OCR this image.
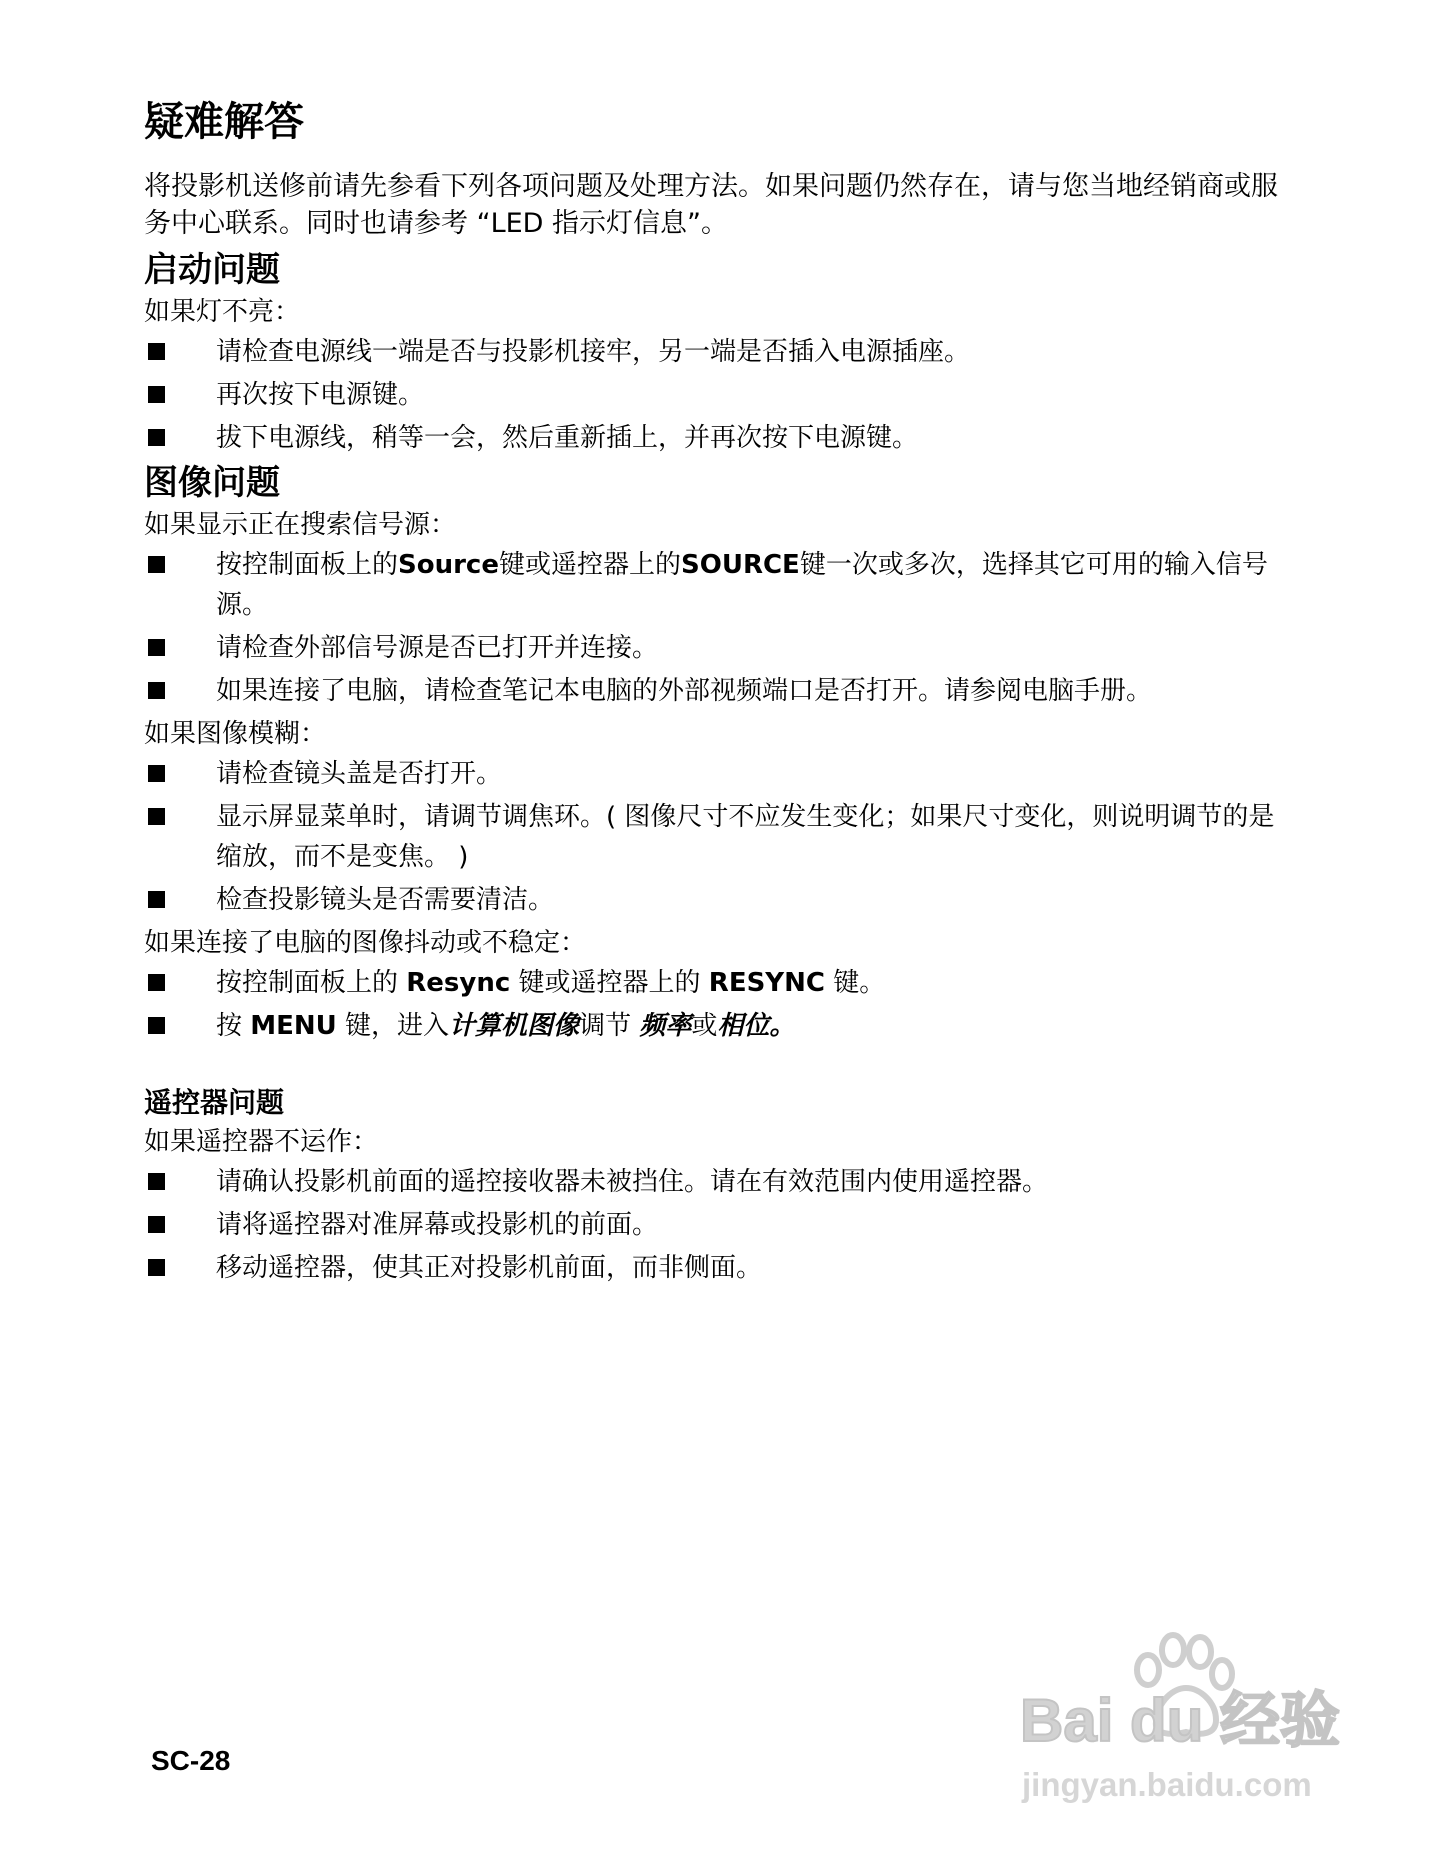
疑难解答

将投影机送修前请先参看下列各项问题及处理方法。如果问题仍然存在，请与您当地经销商或服务中心联系。同时也请参考 “LED 指示灯信息”。

启动问题

如果灯不亮：

请检查电源线一端是否与投影机接牢，另一端是否插入电源插座。
再次按下电源键。
拔下电源线，稍等一会，然后重新插上，并再次按下电源键。
图像问题

如果显示正在搜索信号源：

按控制面板上的Source键或遥控器上的SOURCE键一次或多次，选择其它可用的输入信号源。
请检查外部信号源是否已打开并连接。
如果连接了电脑，请检查笔记本电脑的外部视频端口是否打开。请参阅电脑手册。

如果图像模糊：

请检查镜头盖是否打开。
显示屏显菜单时，请调节调焦环。( 图像尺寸不应发生变化；如果尺寸变化，则说明调节的是缩放，而不是变焦。 )
检查投影镜头是否需要清洁。

如果连接了电脑的图像抖动或不稳定：

按控制面板上的 Resync 键或遥控器上的 RESYNC 键。
按 MENU 键，进入计算机图像调节 频率或相位。
遥控器问题

如果遥控器不运作：

请确认投影机前面的遥控接收器未被挡住。请在有效范围内使用遥控器。
请将遥控器对准屏幕或投影机的前面。
移动遥控器，使其正对投影机前面，而非侧面。
SC-28
Bai du 经验
jingyan.baidu.com
